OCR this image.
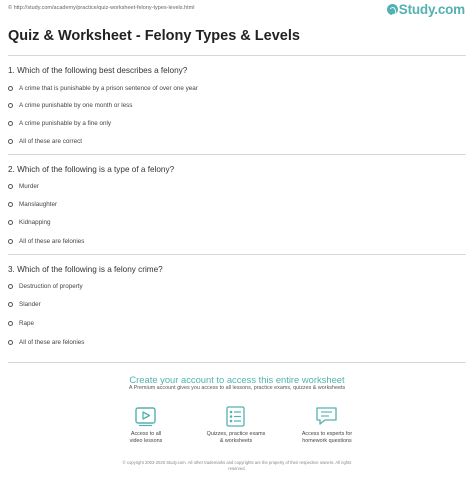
© http://study.com/academy/practice/quiz-worksheet-felony-types-levels.html	Study.com
Quiz & Worksheet - Felony Types & Levels
1. Which of the following best describes a felony?
A crime that is punishable by a prison sentence of over one year
A crime punishable by one month or less
A crime punishable by a fine only
All of these are correct
2. Which of the following is a type of a felony?
Murder
Manslaughter
Kidnapping
All of these are felonies
3. Which of the following is a felony crime?
Destruction of property
Slander
Rape
All of these are felonies
Create your account to access this entire worksheet
A Premium account gives you access to all lessons, practice exams, quizzes & worksheets
Access to all
video lessons
Quizzes, practice exams
& worksheets
Access to experts for
homework questions
© copyright 2003-2020 Study.com. All other trademarks and copyrights are the property of their respective owners. All rights
reserved.
